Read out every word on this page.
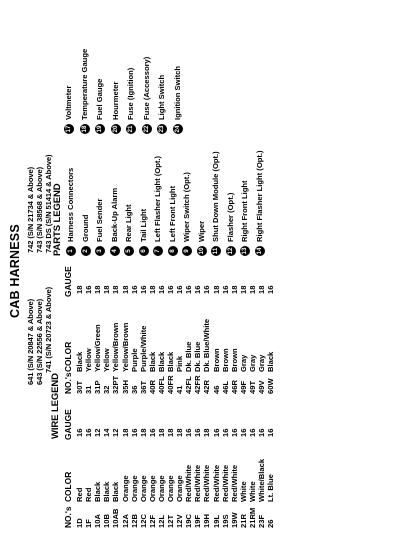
CAB HARNESS
641 (S/N 20847 & Above) 643 (S/N 22556 & Above) 741 (S/N 20723 & Above)
742 (S/N 21734 & Above) 743 (S/N 38568 & Above) 743 DS (S/N 51414 & Above)
WIRE LEGEND
PARTS LEGEND
NO.'s
COLOR
GAUGE
NO.'s
COLOR
GAUGE
1D
Red
16
1F
Red
16
10A
Black
12
10B
Black
14
10AB
Black
12
12A
Orange
18
12B
Orange
16
12C
Orange
18
12F
Orange
16
12L
Orange
18
12T
Orange
18
12V
Orange
18
19C
Red/White
16
19F
Red/White
16
19H
Red/White
18
19L
Red/White
16
19S
Red/White
16
19W
Red/White
16
21R
White
16
21RM
White
16
23F
White/Black
16
26
Lt. Blue
16
30T
Black
18
31
Yellow
16
31P
Yellow/Green
18
32
Yellow
18
32PT
Yellow/Brown
18
35H
Yellow/Brown
18
36
Purple
16
36T
Purple/White
16
40R
Black
18
40FL
Black
16
40FR
Black
16
41
Pink
16
42FL
Dk. Blue
16
42FR
Dk. Blue
16
42R
Dk. Blue/White
16
46
Brown
18
46L
Brown
16
46R
Brown
18
49F
Gray
18
49T
Gray
18
49V
Gray
18
60W
Black
16
1
Harness Connectors
2
Ground
3
Fuel Sender
4
Back-Up Alarm
5
Rear Light
6
Tail Light
7
Left Flasher Light (Opt.)
8
Left Front Light
9
Wiper Switch (Opt.)
10
Wiper
11
Shut Down Module (Opt.)
12
Flasher (Opt.)
13
Right Front Light
14
Right Flasher Light (Opt.)
17
Voltmeter
18
Temperature Gauge
19
Fuel Gauge
20
Hourmeter
21
Fuse (Ignition)
22
Fuse (Accessory)
23
Light Switch
24
Ignition Switch
